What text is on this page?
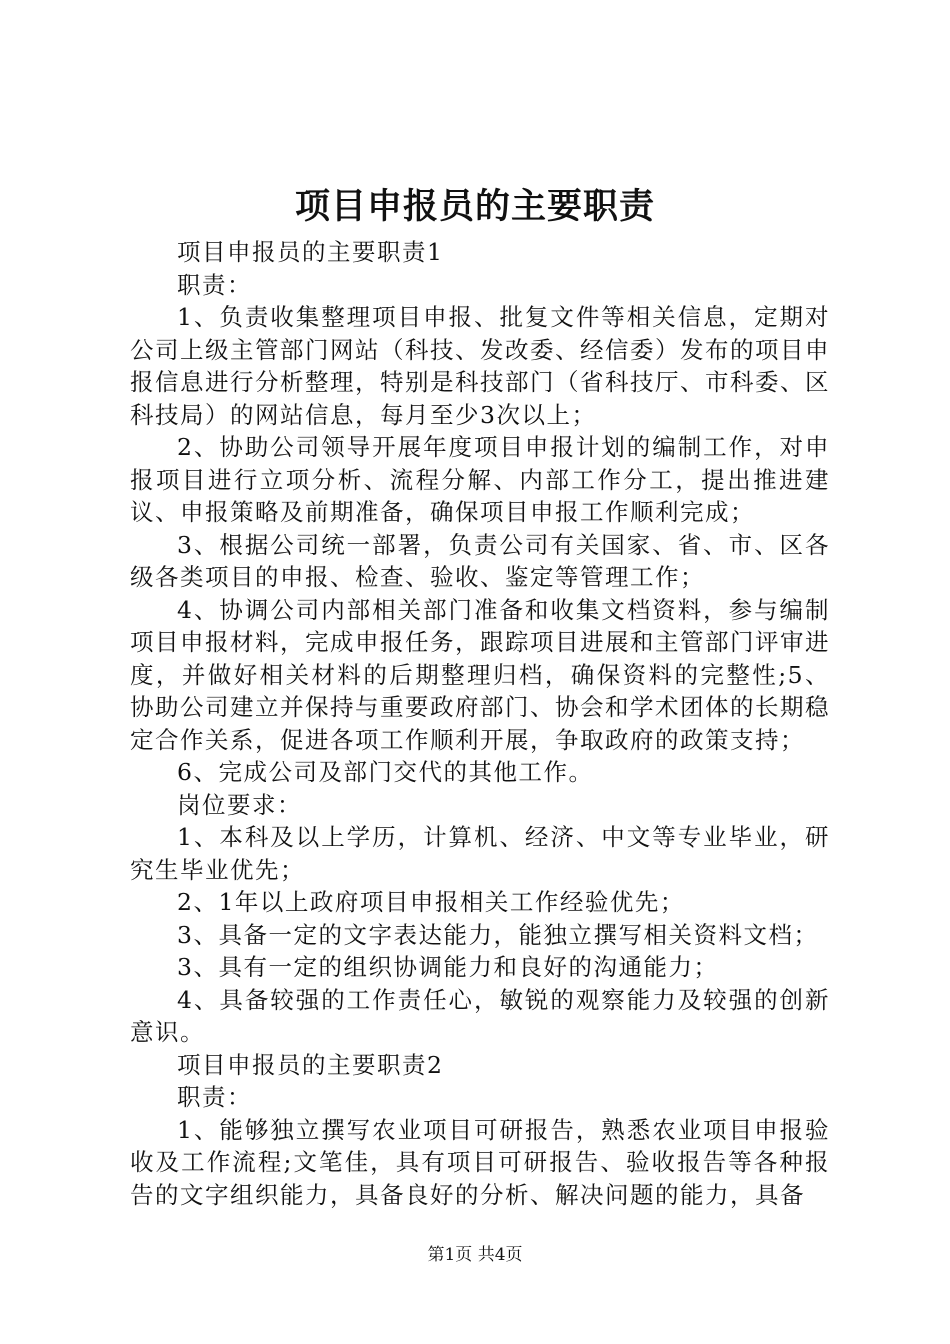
项目申报员的主要职责

项目申报员的主要职责1

职责：

1、负责收集整理项目申报、批复文件等相关信息，定期对公司上级主管部门网站（科技、发改委、经信委）发布的项目申报信息进行分析整理，特别是科技部门（省科技厅、市科委、区科技局）的网站信息，每月至少3次以上；

2、协助公司领导开展年度项目申报计划的编制工作，对申报项目进行立项分析、流程分解、内部工作分工，提出推进建议、申报策略及前期准备，确保项目申报工作顺利完成；

3、根据公司统一部署，负责公司有关国家、省、市、区各级各类项目的申报、检查、验收、鉴定等管理工作；

4、协调公司内部相关部门准备和收集文档资料，参与编制项目申报材料，完成申报任务，跟踪项目进展和主管部门评审进度，并做好相关材料的后期整理归档，确保资料的完整性;5、协助公司建立并保持与重要政府部门、协会和学术团体的长期稳定合作关系，促进各项工作顺利开展，争取政府的政策支持；

6、完成公司及部门交代的其他工作。

岗位要求：

1、本科及以上学历，计算机、经济、中文等专业毕业，研究生毕业优先；

2、1年以上政府项目申报相关工作经验优先；

3、具备一定的文字表达能力，能独立撰写相关资料文档；

3、具有一定的组织协调能力和良好的沟通能力；

4、具备较强的工作责任心，敏锐的观察能力及较强的创新意识。

项目申报员的主要职责2

职责：

1、能够独立撰写农业项目可研报告，熟悉农业项目申报验收及工作流程;文笔佳，具有项目可研报告、验收报告等各种报告的文字组织能力，具备良好的分析、解决问题的能力，具备

第1页 共4页
